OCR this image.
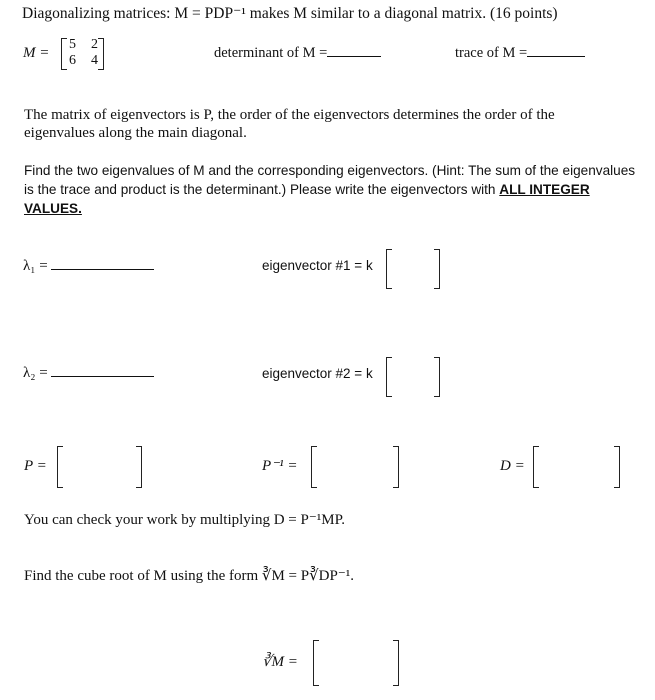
Diagonalizing matrices: M = PDP⁻¹ makes M similar to a diagonal matrix. (16 points)
M =
5 2
6 4	determinant of M =	trace of M =
The matrix of eigenvectors is P, the order of the eigenvectors determines the order of the eigenvalues along the main diagonal.
Find the two eigenvalues of M and the corresponding eigenvectors. (Hint: The sum of the eigenvalues is the trace and product is the determinant.) Please write the eigenvectors with ALL INTEGER VALUES.
λ₁ =	eigenvector #1 = k
λ₂ =	eigenvector #2 = k
P =	P⁻¹ =	D =
You can check your work by multiplying D = P⁻¹MP.
Find the cube root of M using the form ∛M = P∛DP⁻¹.
∛M =
